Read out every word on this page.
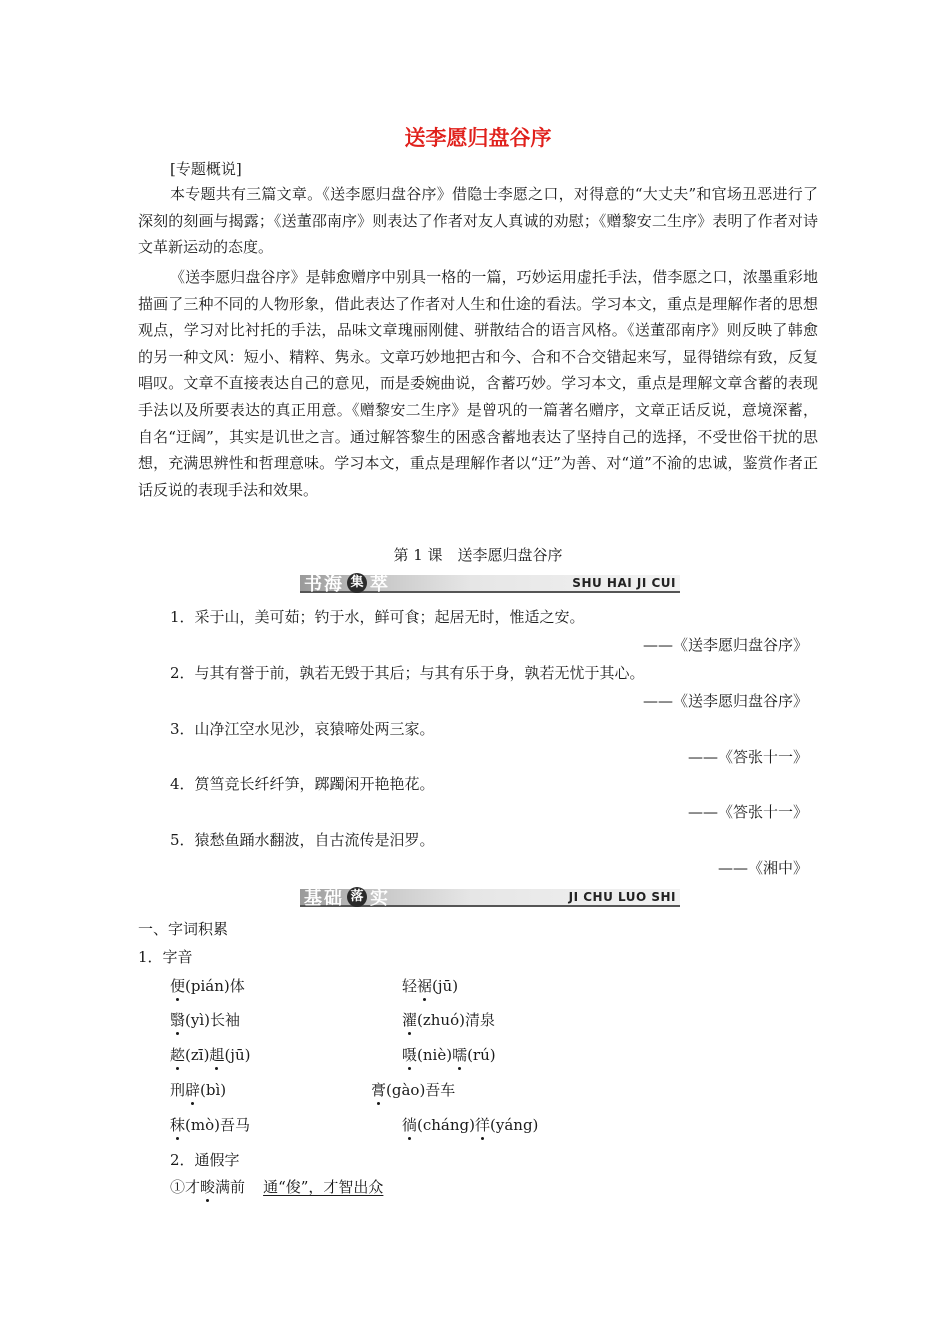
送李愿归盘谷序
[专题概说]

本专题共有三篇文章。《送李愿归盘谷序》借隐士李愿之口，对得意的“大丈夫”和官场丑恶进行了深刻的刻画与揭露；《送董邵南序》则表达了作者对友人真诚的劝慰；《赠黎安二生序》表明了作者对诗文革新运动的态度。

《送李愿归盘谷序》是韩愈赠序中别具一格的一篇，巧妙运用虚托手法，借李愿之口，浓墨重彩地描画了三种不同的人物形象，借此表达了作者对人生和仕途的看法。学习本文，重点是理解作者的思想观点，学习对比衬托的手法，品味文章瑰丽刚健、骈散结合的语言风格。《送董邵南序》则反映了韩愈的另一种文风：短小、精粹、隽永。文章巧妙地把古和今、合和不合交错起来写，显得错综有致，反复唱叹。文章不直接表达自己的意见，而是委婉曲说，含蓄巧妙。学习本文，重点是理解文章含蓄的表现手法以及所要表达的真正用意。《赠黎安二生序》是曾巩的一篇著名赠序，文章正话反说，意境深蓄，自名“迂阔”，其实是讥世之言。通过解答黎生的困惑含蓄地表达了坚持自己的选择，不受世俗干扰的思想，充满思辨性和哲理意味。学习本文，重点是理解作者以“迂”为善、对“道”不渝的忠诚，鉴赏作者正话反说的表现手法和效果。

第 1 课　送李愿归盘谷序
书 海 集 萃	SHU HAI JI CUI
1．采于山，美可茹；钓于水，鲜可食；起居无时，惟适之安。
——《送李愿归盘谷序》
2．与其有誉于前，孰若无毁于其后；与其有乐于身，孰若无忧于其心。
——《送李愿归盘谷序》
3．山净江空水见沙，哀猿啼处两三家。
——《答张十一》
4．筼筜竞长纤纤笋，踯躅闲开艳艳花。
——《答张十一》
5．猿愁鱼踊水翻波，自古流传是汨罗。
——《湘中》
基 础 落 实	JI CHU LUO SHI
一、字词积累
1．字音
便(pián)体	轻裾(jū)
翳(yì)长袖	濯(zhuó)清泉
趑(zī)趄(jū)	嗫(niè)嚅(rú)
刑辟(bì)	膏(gào)吾车
秣(mò)吾马	徜(cháng)徉(yáng)
2．通假字
①才畯满前 通“俊”，才智出众
